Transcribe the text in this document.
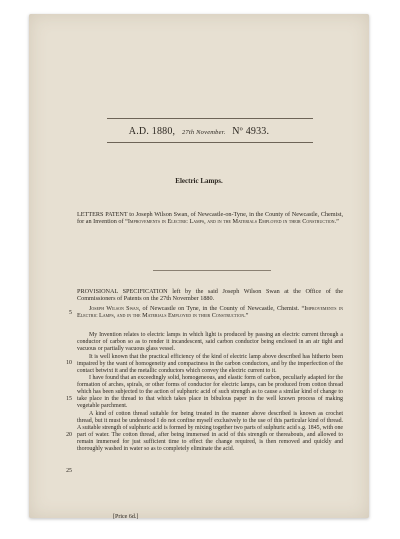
A.D. 1880, 27th November. Nº 4933.
Electric Lamps.
LETTERS PATENT to Joseph Wilson Swan, of Newcastle-on-Tyne, in the County of Newcastle, Chemist, for an Invention of “Improvements in Electric Lamps, and in the Materials Employed in their Construction.”
PROVISIONAL SPECIFICATION left by the said Joseph Wilson Swan at the Office of the Commissioners of Patents on the 27th November 1880.
Joseph Wilson Swan, of Newcastle on Tyne, in the County of Newcastle, Chemist. “Improvements in Electric Lamps, and in the Materials Employed in their Construction.”

My Invention relates to electric lamps in which light is produced by passing an electric current through a conductor of carbon so as to render it incandescent, said carbon conductor being enclosed in an air tight and vacuous or partially vacuous glass vessel.

It is well known that the practical efficiency of the kind of electric lamp above described has hitherto been impaired by the want of homogeneity and compactness in the carbon conductors, and by the imperfection of the contact betwixt it and the metallic conductors which convey the electric current to it.

I have found that an exceedingly solid, homogeneous, and elastic form of carbon, peculiarly adapted for the formation of arches, spirals, or other forms of conductor for electric lamps, can be produced from cotton thread which has been subjected to the action of sulphuric acid of such strength as to cause a similar kind of change to take place in the thread to that which takes place in bibulous paper in the well known process of making vegetable parchment.

A kind of cotton thread suitable for being treated in the manner above described is known as crochet thread, but it must be understood I do not confine myself exclusively to the use of this particular kind of thread. A suitable strength of sulphuric acid is formed by mixing together two parts of sulphuric acid s.g. 1845, with one part of water. The cotton thread, after being immersed in acid of this strength or thereabouts, and allowed to remain immersed for just sufficient time to effect the change required, is then removed and quickly and thoroughly washed in water so as to completely eliminate the acid.

5
10
15
20
25
[Price 6d.]
